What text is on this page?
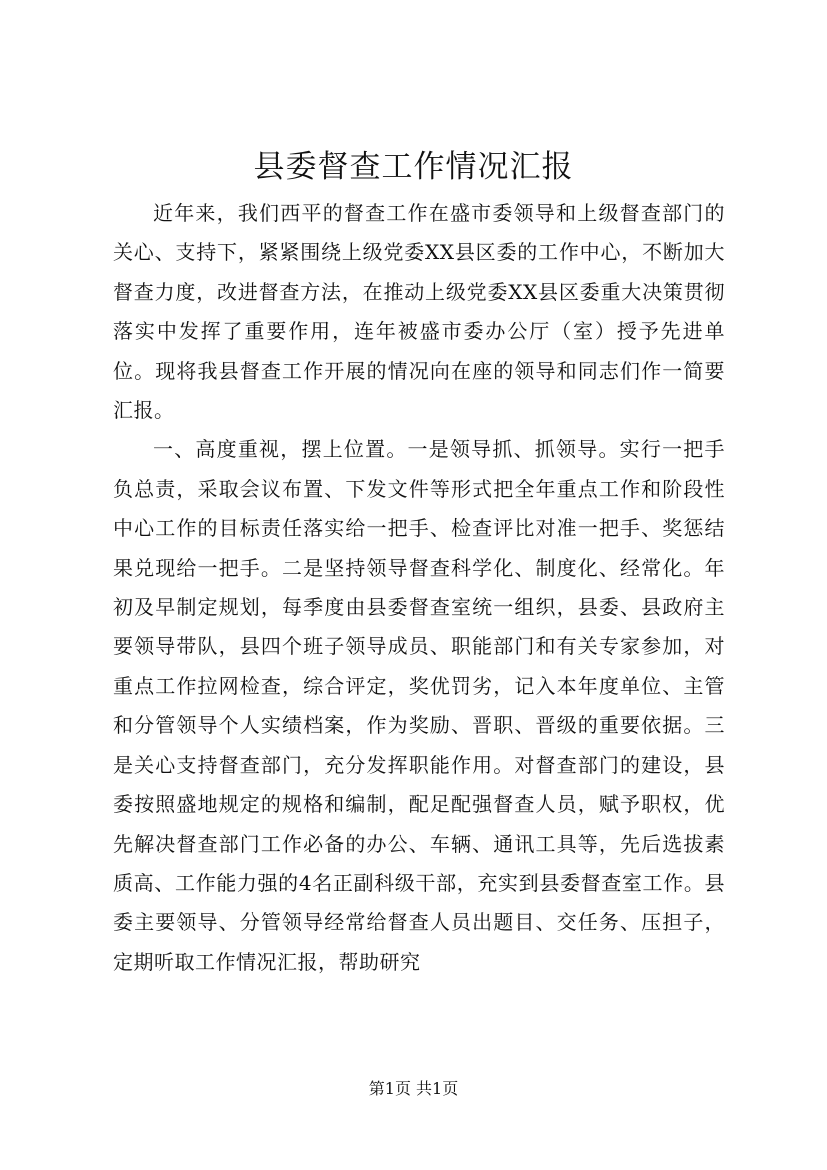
县委督查工作情况汇报

近年来，我们西平的督查工作在盛市委领导和上级督查部门的关心、支持下，紧紧围绕上级党委XX县区委的工作中心，不断加大督查力度，改进督查方法，在推动上级党委XX县区委重大决策贯彻落实中发挥了重要作用，连年被盛市委办公厅（室）授予先进单位。现将我县督查工作开展的情况向在座的领导和同志们作一简要汇报。

一、高度重视，摆上位置。一是领导抓、抓领导。实行一把手负总责，采取会议布置、下发文件等形式把全年重点工作和阶段性中心工作的目标责任落实给一把手、检查评比对准一把手、奖惩结果兑现给一把手。二是坚持领导督查科学化、制度化、经常化。年初及早制定规划，每季度由县委督查室统一组织，县委、县政府主要领导带队，县四个班子领导成员、职能部门和有关专家参加，对重点工作拉网检查，综合评定，奖优罚劣，记入本年度单位、主管和分管领导个人实绩档案，作为奖励、晋职、晋级的重要依据。三是关心支持督查部门，充分发挥职能作用。对督查部门的建设，县委按照盛地规定的规格和编制，配足配强督查人员，赋予职权，优先解决督查部门工作必备的办公、车辆、通讯工具等，先后选拔素质高、工作能力强的4名正副科级干部，充实到县委督查室工作。县委主要领导、分管领导经常给督查人员出题目、交任务、压担子，定期听取工作情况汇报，帮助研究

第1页 共1页
